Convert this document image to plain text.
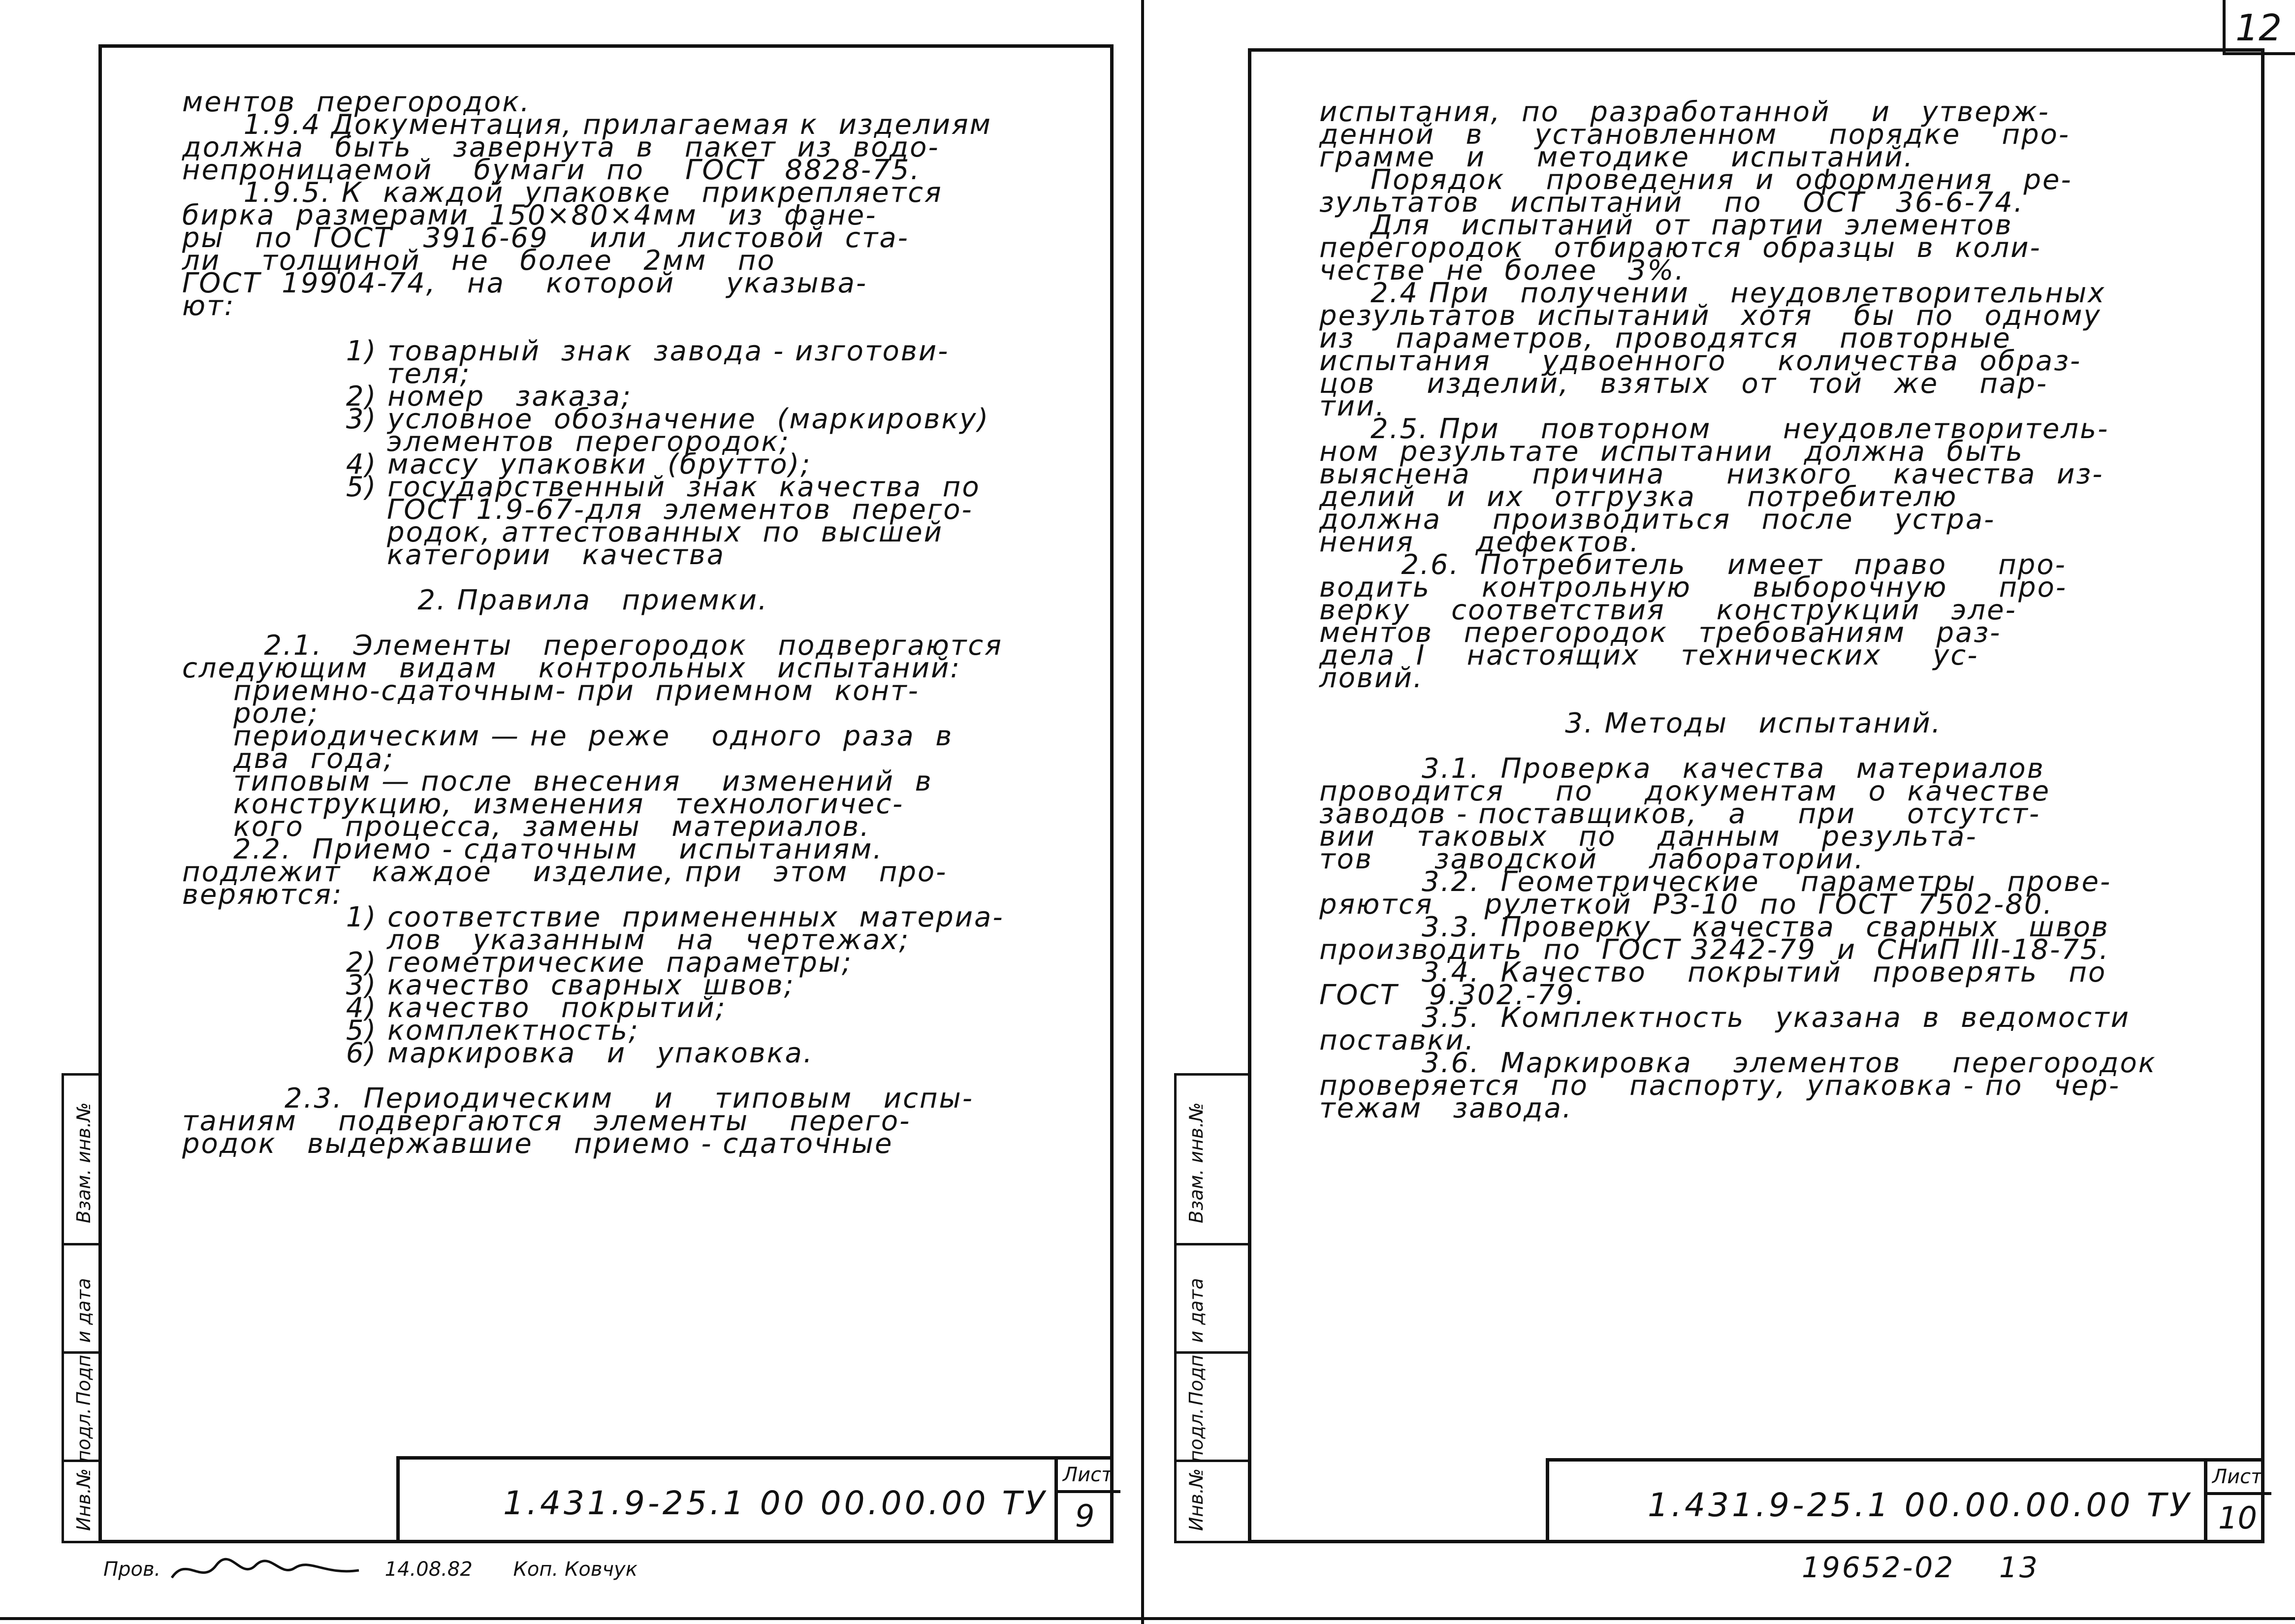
12
Взам. инв.№
Подп. и дата
Инв.№ подл.
ментов  перегородок.
1.9.4 Документация, прилагаемая к  изделиям
должна   быть    завернута  в   пакет  из  водо-
непроницаемой    бумаги  по    ГОСТ  8828-75.
1.9.5. К  каждой  упаковке   прикрепляется
бирка  размерами  150×80×4мм   из  фане-
ры   по  ГОСТ   3916-69    или   листовой  ста-
ли    толщиной   не   более   2мм   по
ГОСТ  19904-74,   на    которой     указыва-
ют:

1) товарный  знак  завода - изготови-
теля;
2) номер   заказа;
3) условное  обозначение  (маркировку)
элементов  перегородок;
4) массу  упаковки  (брутто);
5) государственный  знак  качества  по
ГОСТ 1.9-67-для  элементов  перего-
родок, аттестованных  по  высшей
категории   качества

2. Правила   приемки.

2.1.   Элементы   перегородок   подвергаются
следующим   видам    контрольных   испытаний:
приемно-сдаточным- при  приемном  конт-
роле;
периодическим — не  реже    одного  раза  в
два  года;
типовым — после  внесения    изменений  в
конструкцию,  изменения   технологичес-
кого    процесса,  замены   материалов.
2.2.  Приемо - сдаточным    испытаниям.
подлежит   каждое    изделие, при   этом   про-
веряются:
1) соответствие  примененных  материа-
лов   указанным   на   чертежах;
2) геометрические  параметры;
3) качество  сварных  швов;
4) качество   покрытий;
5) комплектность;
6) маркировка   и   упаковка.

2.3.  Периодическим    и    типовым   испы-
таниям    подвергаются   элементы    перего-
родок   выдержавшие    приемо - сдаточные
1.431.9-25.1 00 00.00.00 ТУ
Лист
9
Пров.	14.08.82 Коп. Ковчук
Взам. инв.№
Подп. и дата
Инв.№ подл.
испытания,  по   разработанной    и   утверж-
денной   в     установленном     порядке    про-
грамме   и     методике    испытаний.
Порядок    проведения  и  оформления   ре-
зультатов   испытаний    по    ОСТ   36-6-74.
Для   испытаний  от  партии  элементов
перегородок   отбираются  образцы  в  коли-
честве  не  более   3%.
2.4 При   получении    неудовлетворительных
результатов  испытаний   хотя    бы  по   одному
из    параметров,  проводятся    повторные
испытания     удвоенного     количества  образ-
цов     изделий,   взятых   от   той   же    пар-
тии.
2.5. При    повторном       неудовлетворитель-
ном  результате  испытании   должна  быть
выяснена      причина      низкого    качества  из-
делий   и  их   отгрузка     потребителю
должна     производиться   после    устра-
нения      дефектов.
2.6.  Потребитель    имеет   право     про-
водить     контрольную      выборочную     про-
верку    соответствия     конструкции   эле-
ментов   перегородок   требованиям   раз-
дела  I    настоящих    технических     ус-
ловий.

3. Методы   испытаний.

3.1.  Проверка   качества   материалов
проводится     по     документам   о  качестве
заводов - поставщиков,   а     при     отсутст-
вии    таковых   по    данным    результа-
тов      заводской     лаборатории.
3.2.  Геометрические    параметры   прове-
ряются     рулеткой  РЗ-10  по  ГОСТ  7502-80.
3.3.  Проверку    качества   сварных   швов
производить  по  ГОСТ 3242-79  и  СНиП III-18-75.
3.4.  Качество    покрытий   проверять   по
ГОСТ   9.302.-79.
3.5.  Комплектность   указана  в  ведомости
поставки.
3.6.  Маркировка    элементов     перегородок
проверяется   по    паспорту,  упаковка - по   чер-
тежам   завода.
1.431.9-25.1 00.00.00.00 ТУ
Лист
10
19652-02    13
